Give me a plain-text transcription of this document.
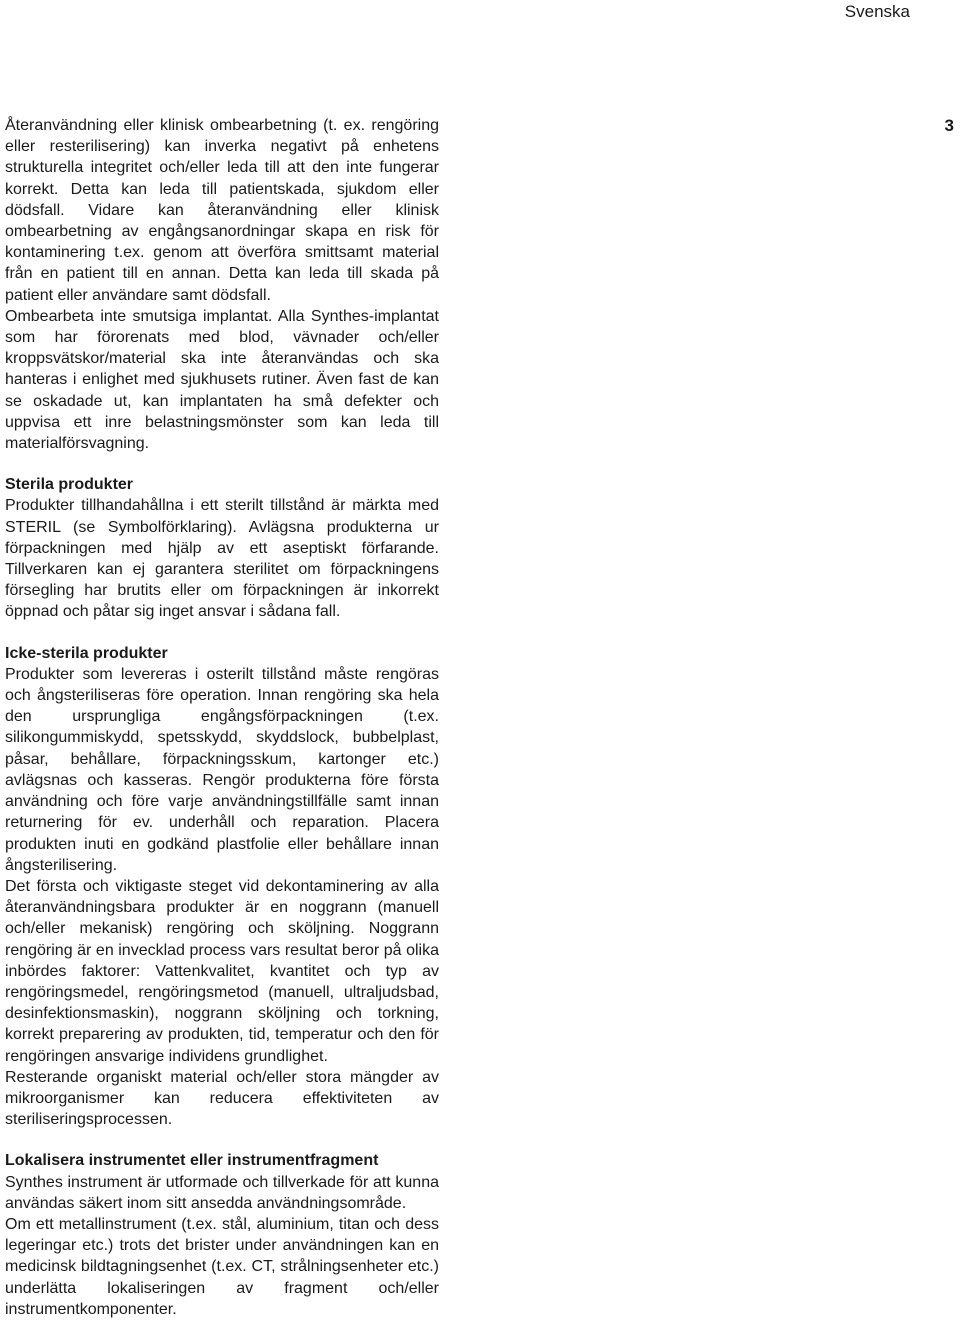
Svenska
3

Återanvändning eller klinisk ombearbetning (t. ex. rengöring eller resterilisering) kan inverka negativt på enhetens strukturella integritet och/eller leda till att den inte fungerar korrekt. Detta kan leda till patientskada, sjukdom eller dödsfall. Vidare kan återanvändning eller klinisk ombearbetning av engångsanordningar skapa en risk för kontaminering t.ex. genom att överföra smittsamt material från en patient till en annan. Detta kan leda till skada på patient eller användare samt dödsfall.

Ombearbeta inte smutsiga implantat. Alla Synthes-implantat som har förorenats med blod, vävnader och/eller kroppsvätskor/material ska inte återanvändas och ska hanteras i enlighet med sjukhusets rutiner. Även fast de kan se oskadade ut, kan implantaten ha små defekter och uppvisa ett inre belastningsmönster som kan leda till materialförsvagning.

Sterila produkter

Produkter tillhandahållna i ett sterilt tillstånd är märkta med STERIL (se Symbolförklaring). Avlägsna produkterna ur förpackningen med hjälp av ett aseptiskt förfarande. Tillverkaren kan ej garantera sterilitet om förpackningens försegling har brutits eller om förpackningen är inkorrekt öppnad och påtar sig inget ansvar i sådana fall.

Icke-sterila produkter

Produkter som levereras i osterilt tillstånd måste rengöras och ångsteriliseras före operation. Innan rengöring ska hela den ursprungliga engångsförpackningen (t.ex. silikongummiskydd, spetsskydd, skyddslock, bubbelplast, påsar, behållare, förpackningsskum, kartonger etc.) avlägsnas och kasseras. Rengör produkterna före första användning och före varje användningstillfälle samt innan returnering för ev. underhåll och reparation. Placera produkten inuti en godkänd plastfolie eller behållare innan ångsterilisering.

Det första och viktigaste steget vid dekontaminering av alla återanvändningsbara produkter är en noggrann (manuell och/eller mekanisk) rengöring och sköljning. Noggrann rengöring är en invecklad process vars resultat beror på olika inbördes faktorer: Vattenkvalitet, kvantitet och typ av rengöringsmedel, rengöringsmetod (manuell, ultraljudsbad, desinfektionsmaskin), noggrann sköljning och torkning, korrekt preparering av produkten, tid, temperatur och den för rengöringen ansvarige individens grundlighet.

Resterande organiskt material och/eller stora mängder av mikroorganismer kan reducera effektiviteten av steriliseringsprocessen.

Lokalisera instrumentet eller instrumentfragment

Synthes instrument är utformade och tillverkade för att kunna användas säkert inom sitt ansedda användningsområde.

Om ett metallinstrument (t.ex. stål, aluminium, titan och dess legeringar etc.) trots det brister under användningen kan en medicinsk bildtagningsenhet (t.ex. CT, strålningsenheter etc.) underlätta lokaliseringen av fragment och/eller instrumentkomponenter.
